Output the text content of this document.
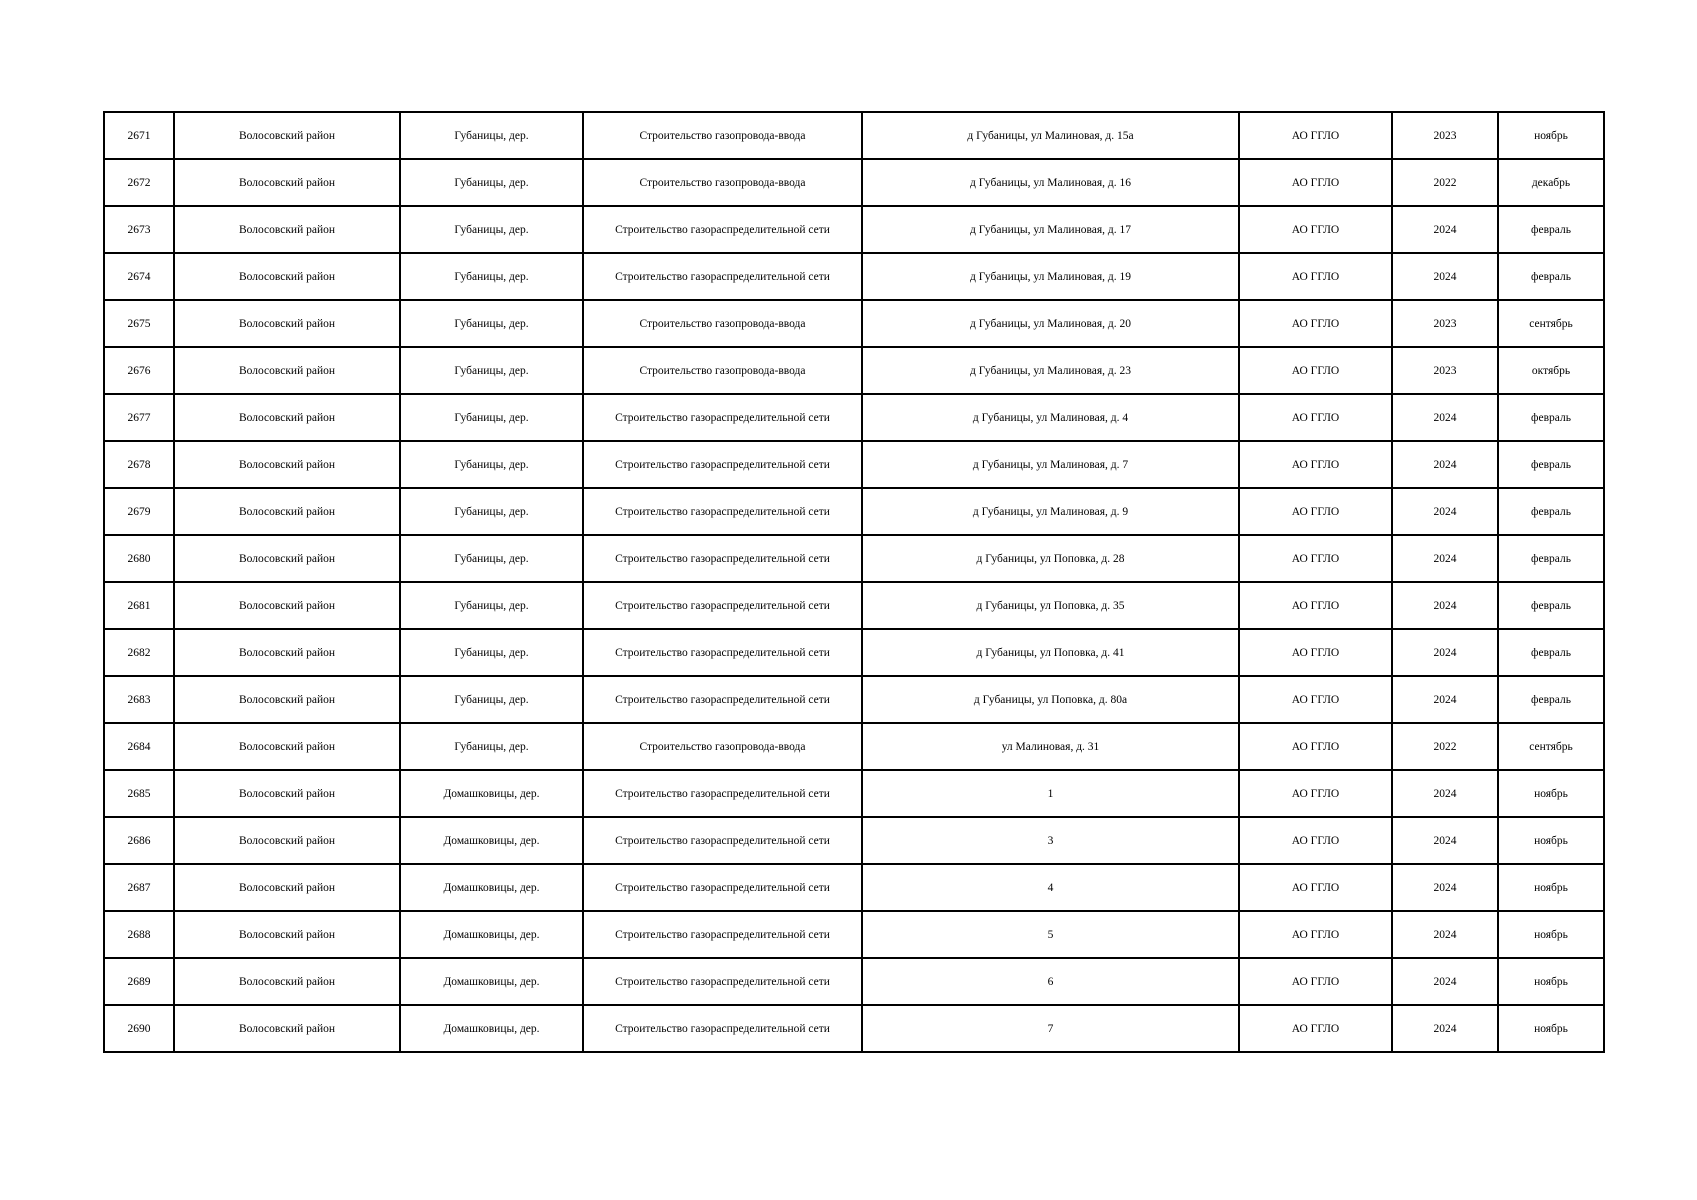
2671	Волосовский район	Губаницы, дер.	Строительство газопровода-ввода	д Губаницы, ул Малиновая, д. 15а	АО ГГЛО	2023	ноябрь
2672	Волосовский район	Губаницы, дер.	Строительство газопровода-ввода	д Губаницы, ул Малиновая, д. 16	АО ГГЛО	2022	декабрь
2673	Волосовский район	Губаницы, дер.	Строительство газораспределительной сети	д Губаницы, ул Малиновая, д. 17	АО ГГЛО	2024	февраль
2674	Волосовский район	Губаницы, дер.	Строительство газораспределительной сети	д Губаницы, ул Малиновая, д. 19	АО ГГЛО	2024	февраль
2675	Волосовский район	Губаницы, дер.	Строительство газопровода-ввода	д Губаницы, ул Малиновая, д. 20	АО ГГЛО	2023	сентябрь
2676	Волосовский район	Губаницы, дер.	Строительство газопровода-ввода	д Губаницы, ул Малиновая, д. 23	АО ГГЛО	2023	октябрь
2677	Волосовский район	Губаницы, дер.	Строительство газораспределительной сети	д Губаницы, ул Малиновая, д. 4	АО ГГЛО	2024	февраль
2678	Волосовский район	Губаницы, дер.	Строительство газораспределительной сети	д Губаницы, ул Малиновая, д. 7	АО ГГЛО	2024	февраль
2679	Волосовский район	Губаницы, дер.	Строительство газораспределительной сети	д Губаницы, ул Малиновая, д. 9	АО ГГЛО	2024	февраль
2680	Волосовский район	Губаницы, дер.	Строительство газораспределительной сети	д Губаницы, ул Поповка, д. 28	АО ГГЛО	2024	февраль
2681	Волосовский район	Губаницы, дер.	Строительство газораспределительной сети	д Губаницы, ул Поповка, д. 35	АО ГГЛО	2024	февраль
2682	Волосовский район	Губаницы, дер.	Строительство газораспределительной сети	д Губаницы, ул Поповка, д. 41	АО ГГЛО	2024	февраль
2683	Волосовский район	Губаницы, дер.	Строительство газораспределительной сети	д Губаницы, ул Поповка, д. 80а	АО ГГЛО	2024	февраль
2684	Волосовский район	Губаницы, дер.	Строительство газопровода-ввода	ул Малиновая, д. 31	АО ГГЛО	2022	сентябрь
2685	Волосовский район	Домашковицы, дер.	Строительство газораспределительной сети	1	АО ГГЛО	2024	ноябрь
2686	Волосовский район	Домашковицы, дер.	Строительство газораспределительной сети	3	АО ГГЛО	2024	ноябрь
2687	Волосовский район	Домашковицы, дер.	Строительство газораспределительной сети	4	АО ГГЛО	2024	ноябрь
2688	Волосовский район	Домашковицы, дер.	Строительство газораспределительной сети	5	АО ГГЛО	2024	ноябрь
2689	Волосовский район	Домашковицы, дер.	Строительство газораспределительной сети	6	АО ГГЛО	2024	ноябрь
2690	Волосовский район	Домашковицы, дер.	Строительство газораспределительной сети	7	АО ГГЛО	2024	ноябрь
